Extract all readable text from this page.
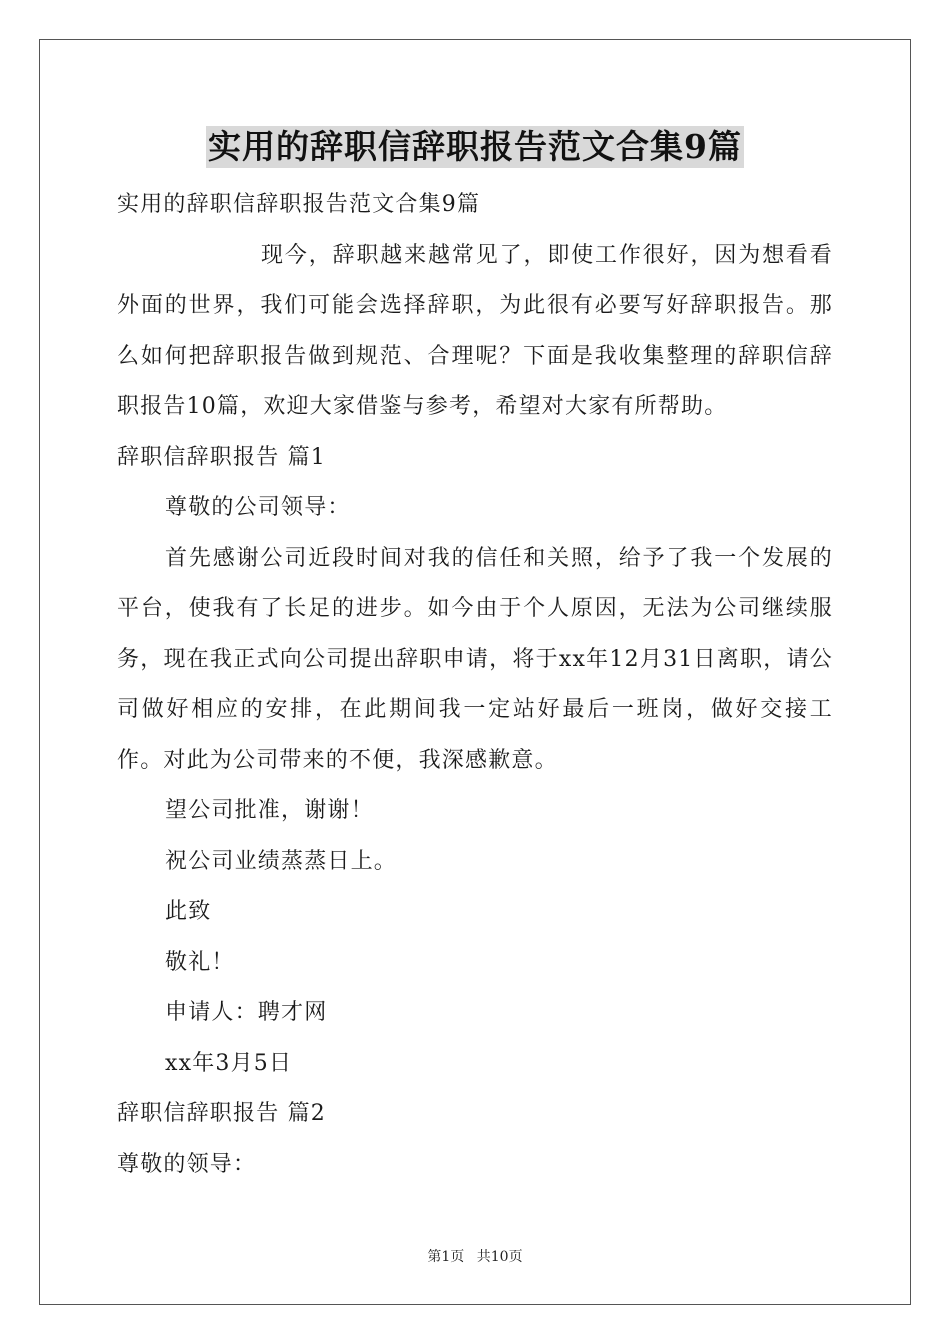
实用的辞职信辞职报告范文合集9篇

实用的辞职信辞职报告范文合集9篇

现今，辞职越来越常见了，即使工作很好，因为想看看外面的世界，我们可能会选择辞职，为此很有必要写好辞职报告。那么如何把辞职报告做到规范、合理呢？下面是我收集整理的辞职信辞职报告10篇，欢迎大家借鉴与参考，希望对大家有所帮助。

辞职信辞职报告 篇1

尊敬的公司领导：

首先感谢公司近段时间对我的信任和关照，给予了我一个发展的平台，使我有了长足的进步。如今由于个人原因，无法为公司继续服务，现在我正式向公司提出辞职申请，将于xx年12月31日离职，请公司做好相应的安排，在此期间我一定站好最后一班岗，做好交接工作。对此为公司带来的不便，我深感歉意。

望公司批准，谢谢！

祝公司业绩蒸蒸日上。

此致

敬礼！

申请人：聘才网

xx年3月5日

辞职信辞职报告 篇2

尊敬的领导：

第1页 共10页
